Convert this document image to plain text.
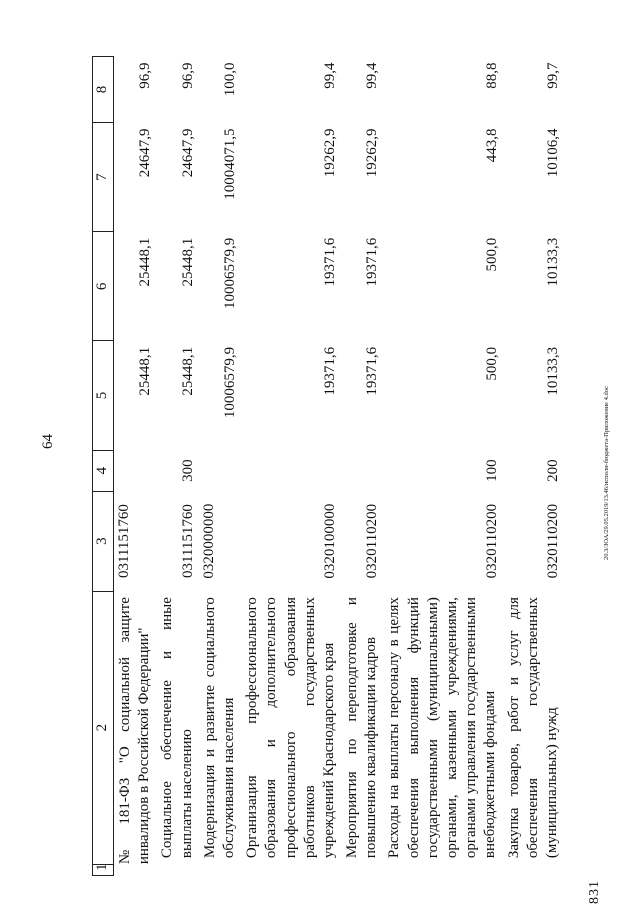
64
831
20.3/ЗОА/29.05.2019/13.46/испoлн-бюджета-Приложение 4.doc
1	2	3	4	5	6	7	8
	№ 181-ФЗ "О социальной защите инвалидов в Российской Федерации"	0311151760		25448,1	25448,1	24647,9	96,9
	Социальное обеспечение и иные выплаты населению	0311151760	300	25448,1	25448,1	24647,9	96,9
	Модернизация и развитие социального обслуживания населения	0320000000		10006579,9	10006579,9	10004071,5	100,0
	Организация профессионального образования и дополнительного профессионального образования работников государственных учреждений Краснодарского края	0320100000		19371,6	19371,6	19262,9	99,4
	Мероприятия по переподготовке и повышению квалификации кадров	0320110200		19371,6	19371,6	19262,9	99,4
	Расходы на выплаты персоналу в целях обеспечения выполнения функций государственными (муниципальными) органами, казенными учреждениями, органами управления государственными внебюджетными фондами	0320110200	100	500,0	500,0	443,8	88,8
	Закупка товаров, работ и услуг для обеспечения государственных (муниципальных) нужд	0320110200	200	10133,3	10133,3	10106,4	99,7
